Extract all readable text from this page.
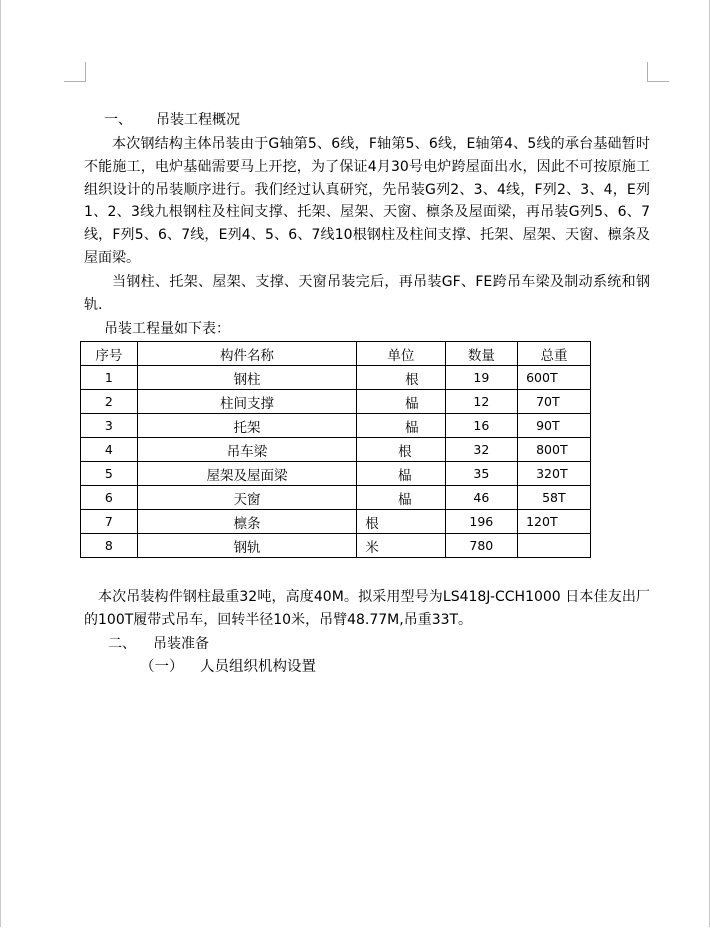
一、 吊装工程概况

本次钢结构主体吊装由于G轴第5、6线，F轴第5、6线，E轴第4、5线的承台基础暂时不能施工，电炉基础需要马上开挖，为了保证4月30号电炉跨屋面出水，因此不可按原施工组织设计的吊装顺序进行。我们经过认真研究，先吊装G列2、3、4线，F列2、3、4，E列1、2、3线九根钢柱及柱间支撑、托架、屋架、天窗、檩条及屋面梁，再吊装G列5、6、7线，F列5、6、7线，E列4、5、6、7线10根钢柱及柱间支撑、托架、屋架、天窗、檩条及屋面梁。

当钢柱、托架、屋架、支撑、天窗吊装完后，再吊装GF、FE跨吊车梁及制动系统和钢轨.

吊装工程量如下表：
序号	构件名称	单位	数量	总重
1	钢柱	根	19	600T
2	柱间支撑	榀	12	70T
3	托架	榀	16	90T
4	吊车梁	根	32	800T
5	屋架及屋面梁	榀	35	320T
6	天窗	榀	46	58T
7	檩条	根	196	120T
8	钢轨	米	780	

本次吊装构件钢柱最重32吨，高度40M。拟采用型号为LS418J-CCH1000 日本佳友出厂的100T履带式吊车，回转半径10米，吊臂48.77M,吊重33T。

二、 吊装准备
（一） 人员组织机构设置
